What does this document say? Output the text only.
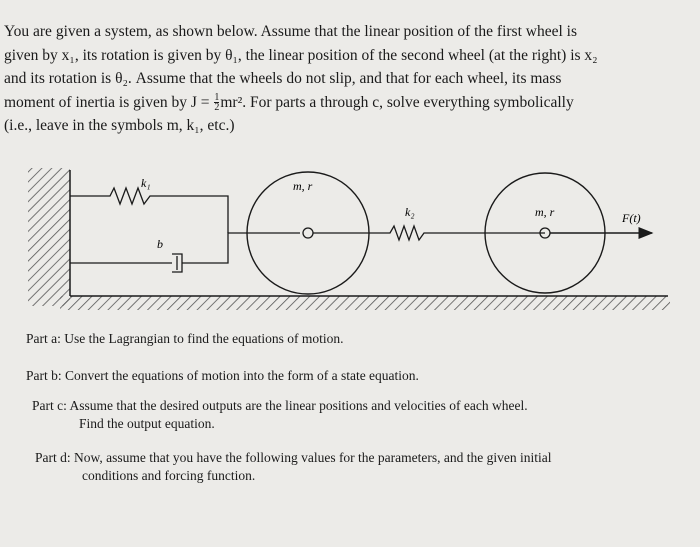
You are given a system, as shown below. Assume that the linear position of the first wheel is

given by x₁, its rotation is given by θ₁, the linear position of the second wheel (at the right) is x₂

and its rotation is θ₂. Assume that the wheels do not slip, and that for each wheel, its mass

moment of inertia is given by $J = \frac{1}{2} mr^2$. For parts a through c, solve everything symbolically

(i.e., leave in the symbols m, k₁, etc.)

k₁
b
m, r
k₂	m, r	F(t)
Part a: Use the Lagrangian to find the equations of motion.
Part b: Convert the equations of motion into the form of a state equation.
Part c: Assume that the desired outputs are the linear positions and velocities of each wheel.
Find the output equation.
Part d: Now, assume that you have the following values for the parameters, and the given initial
conditions and forcing function.
